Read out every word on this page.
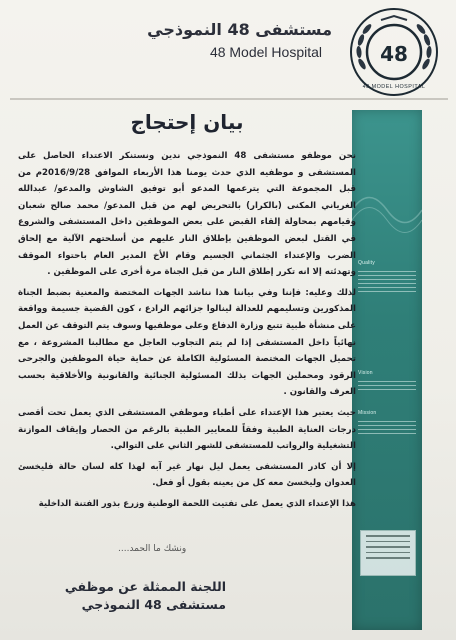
48
48 MODEL HOSPITAL
مستشفى 48 النموذجي
48 Model Hospital
Quality
Vision
Mission
بيان إحتجاج

نحن موظفو مستشفى 48 النموذجي ندين ونستنكر الاعتداء الحاصل على المستشفى و موظفيه الذي حدث يومنا هذا الأربعاء الموافق 2016/9/28م من قبل المجموعة التي يترعمها المدعو أبو توفيق الشاوش والمدعو/ عبدالله الغرياني المكنى (بالكرار) بالتحريض لهم من قبل المدعو/ محمد صالح شعبان وقيامهم بمحاولة إلقاء القبض على بعض الموظفين داخل المستشفى والشروع في القتل لبعض الموظفين بإطلاق النار عليهم من أسلحتهم الآلية مع إلحاق الضرب والإعتداء الجثماني الجسيم وقام الأخ المدير العام باحتواء الموقف وتهدئته إلا انه تكرر إطلاق النار من قبل الجناة مرة أخرى على الموظفين .

لذلك وعليه: فإننا وفي بياننا هذا نناشد الجهات المختصة والمعنية بضبط الجناة المذكورين وتسليمهم للعدالة لينالوا جزائهم الرادع ، كون القضية جسيمة وواقعة على منشأة طبية تتبع وزارة الدفاع وعلى موظفيها وسوف يتم التوقف عن العمل نهائياً داخل المستشفى إذا لم يتم التجاوب العاجل مع مطالبنا المشروعة ، مع تحميل الجهات المختصة المسئولية الكاملة عن حماية حياة الموظفين والجرحى الرقود ومحملين الجهات بذلك المسئولية الجنائية والقانونية والأخلاقية بحسب العرف والقانون .

حيث يعتبر هذا الإعتداء على أطباء وموظفي المستشفى الذي يعمل تحت أقصى درجات العناية الطبية وفقاً للمعايير الطبية بالرغم من الحصار وإيقاف الموازنة التشغيلية والرواتب للمستشفى للشهر الثاني على التوالي.

إلا أن كادر المستشفى يعمل ليل نهار غير آبه لهذا كله لسان حالة فليخسئ العدوان وليخسئ معه كل من يعينه بقول أو فعل.

هذا الإعتداء الذي يعمل على تفتيت اللحمة الوطنية وزرع بذور الفتنة الداخلية

....ونشك ما الحمد
اللجنة الممثلة عن موظفي
مستشفى 48 النموذجي
